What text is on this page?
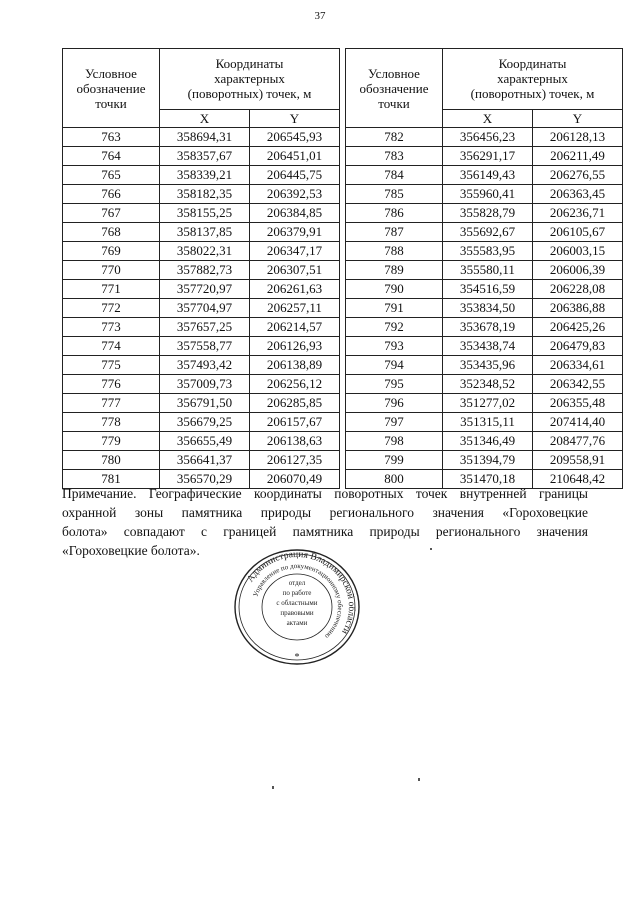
37
Условное
обозначение
точки	Координаты
характерных
(поворотных) точек, м	
	X	Y
763	358694,31	206545,93
764	358357,67	206451,01
765	358339,21	206445,75
766	358182,35	206392,53
767	358155,25	206384,85
768	358137,85	206379,91
769	358022,31	206347,17
770	357882,73	206307,51
771	357720,97	206261,63
772	357704,97	206257,11
773	357657,25	206214,57
774	357558,77	206126,93
775	357493,42	206138,89
776	357009,73	206256,12
777	356791,50	206285,85
778	356679,25	206157,67
779	356655,49	206138,63
780	356641,37	206127,35
781	356570,29	206070,49
Условное
обозначение
точки	Координаты
характерных
(поворотных) точек, м	
	X	Y
782	356456,23	206128,13
783	356291,17	206211,49
784	356149,43	206276,55
785	355960,41	206363,45
786	355828,79	206236,71
787	355692,67	206105,67
788	355583,95	206003,15
789	355580,11	206006,39
790	354516,59	206228,08
791	353834,50	206386,88
792	353678,19	206425,26
793	353438,74	206479,83
794	353435,96	206334,61
795	352348,52	206342,55
796	351277,02	206355,48
797	351315,11	207414,40
798	351346,49	208477,76
799	351394,79	209558,91
800	351470,18	210648,42
Примечание. Географические координаты поворотных точек внутренней границы
охранной зоны памятника природы регионального значения «Гороховецкие
болота» совпадают с границей памятника природы регионального значения
«Гороховецкие болота».
Администрация Владимирской области
Управление по документационному обеспечению
отдел
по работе
с областными
правовыми
актами
*
